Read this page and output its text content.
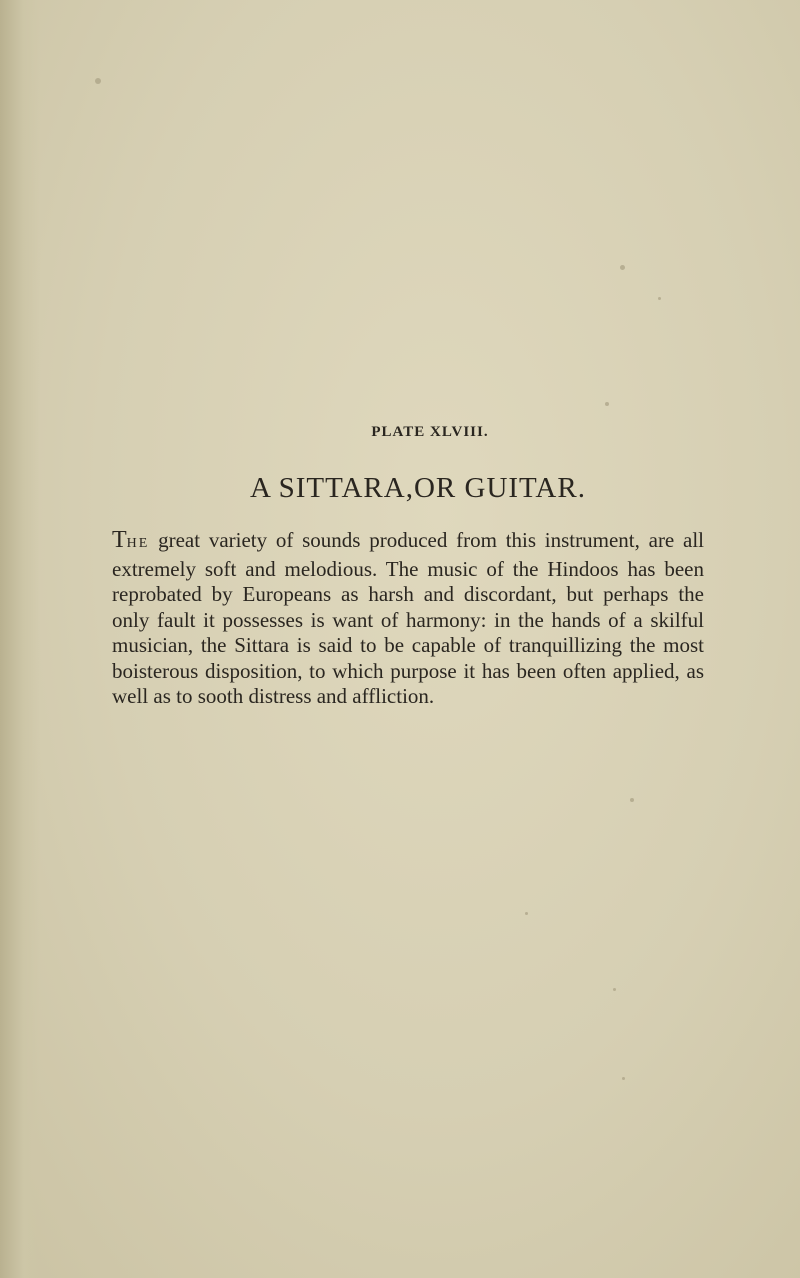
PLATE XLVIII.
A SITTARA,OR GUITAR.

THE great variety of sounds produced from this instrument, are all extremely soft and melodious. The music of the Hindoos has been reprobated by Europeans as harsh and discordant, but perhaps the only fault it possesses is want of harmony: in the hands of a skilful musician, the Sittara is said to be capable of tranquillizing the most boisterous disposition, to which purpose it has been often applied, as well as to sooth distress and affliction.
